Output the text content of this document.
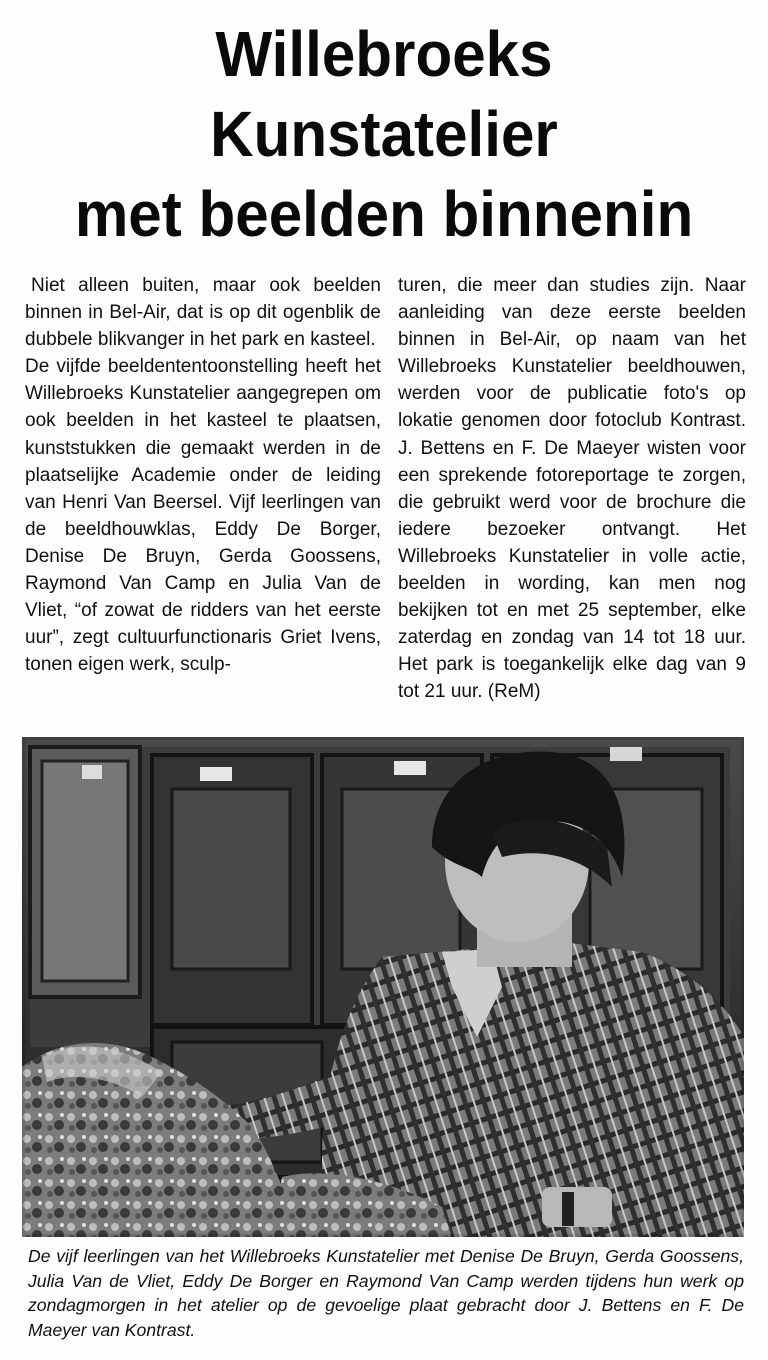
Willebroeks
Kunstatelier
met beelden binnenin

Niet alleen buiten, maar ook beelden binnen in Bel-Air, dat is op dit ogenblik de dubbele blikvanger in het park en kasteel.

De vijfde beeldententoonstelling heeft het Willebroeks Kunstatelier aangegrepen om ook beelden in het kasteel te plaatsen, kunststukken die gemaakt werden in de plaatselijke Academie onder de leiding van Henri Van Beersel. Vijf leerlingen van de beeldhouwklas, Eddy De Borger, Denise De Bruyn, Gerda Goossens, Raymond Van Camp en Julia Van de Vliet, “of zowat de ridders van het eerste uur”, zegt cultuurfunctionaris Griet Ivens, tonen eigen werk, sculp-

turen, die meer dan studies zijn. Naar aanleiding van deze eerste beelden binnen in Bel-Air, op naam van het Willebroeks Kunstatelier beeldhouwen, werden voor de publicatie foto's op lokatie genomen door fotoclub Kontrast. J. Bettens en F. De Maeyer wisten voor een sprekende fotoreportage te zorgen, die gebruikt werd voor de brochure die iedere bezoeker ontvangt. Het Willebroeks Kunstatelier in volle actie, beelden in wording, kan men nog bekijken tot en met 25 september, elke zaterdag en zondag van 14 tot 18 uur. Het park is toegankelijk elke dag van 9 tot 21 uur. (ReM)

De vijf leerlingen van het Willebroeks Kunstatelier met Denise De Bruyn, Gerda Goossens, Julia Van de Vliet, Eddy De Borger en Raymond Van Camp werden tijdens hun werk op zondagmorgen in het atelier op de gevoelige plaat gebracht door J. Bettens en F. De Maeyer van Kontrast.
